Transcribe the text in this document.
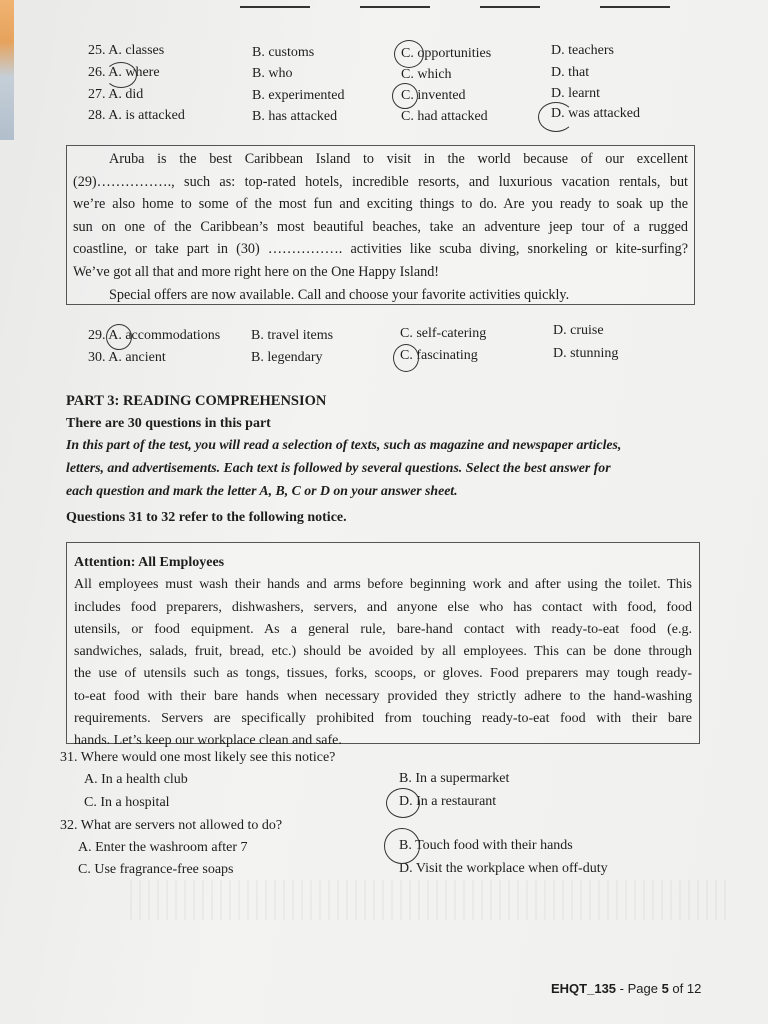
25. A. classes	B. customs	C. opportunities	D. teachers
26. A. where	B. who	C. which	D. that
27. A. did	B. experimented	C. invented	D. learnt
28. A. is attacked	B. has attacked	C. had attacked	D. was attacked

Aruba is the best Caribbean Island to visit in the world because of our excellent

(29)……………., such as: top-rated hotels, incredible resorts, and luxurious vacation rentals, but

we’re also home to some of the most fun and exciting things to do. Are you ready to soak up the

sun on one of the Caribbean’s most beautiful beaches, take an adventure jeep tour of a rugged

coastline, or take part in (30) ……………. activities like scuba diving, snorkeling or kite-surfing?

We’ve got all that and more right here on the One Happy Island!

Special offers are now available. Call and choose your favorite activities quickly.

29. A. accommodations B. travel items	C. self-catering	D. cruise
30. A. ancient	B. legendary	C. fascinating	D. stunning
PART 3: READING COMPREHENSION
There are 30 questions in this part
In this part of the test, you will read a selection of texts, such as magazine and newspaper articles,
letters, and advertisements. Each text is followed by several questions. Select the best answer for
each question and mark the letter A, B, C or D on your answer sheet.
Questions 31 to 32 refer to the following notice.

Attention: All Employees

All employees must wash their hands and arms before beginning work and after using the toilet. This

includes food preparers, dishwashers, servers, and anyone else who has contact with food, food

utensils, or food equipment. As a general rule, bare-hand contact with ready-to-eat food (e.g.

sandwiches, salads, fruit, bread, etc.) should be avoided by all employees. This can be done through

the use of utensils such as tongs, tissues, forks, scoops, or gloves. Food preparers may tough ready-

to-eat food with their bare hands when necessary provided they strictly adhere to the hand-washing

requirements. Servers are specifically prohibited from touching ready-to-eat food with their bare

hands. Let’s keep our workplace clean and safe.

31. Where would one most likely see this notice?
A. In a health club	B. In a supermarket
C. In a hospital	D. In a restaurant
32. What are servers not allowed to do?
A. Enter the washroom after 7	B. Touch food with their hands
C. Use fragrance-free soaps	D. Visit the workplace when off-duty
EHQT_135 - Page 5 of 12
